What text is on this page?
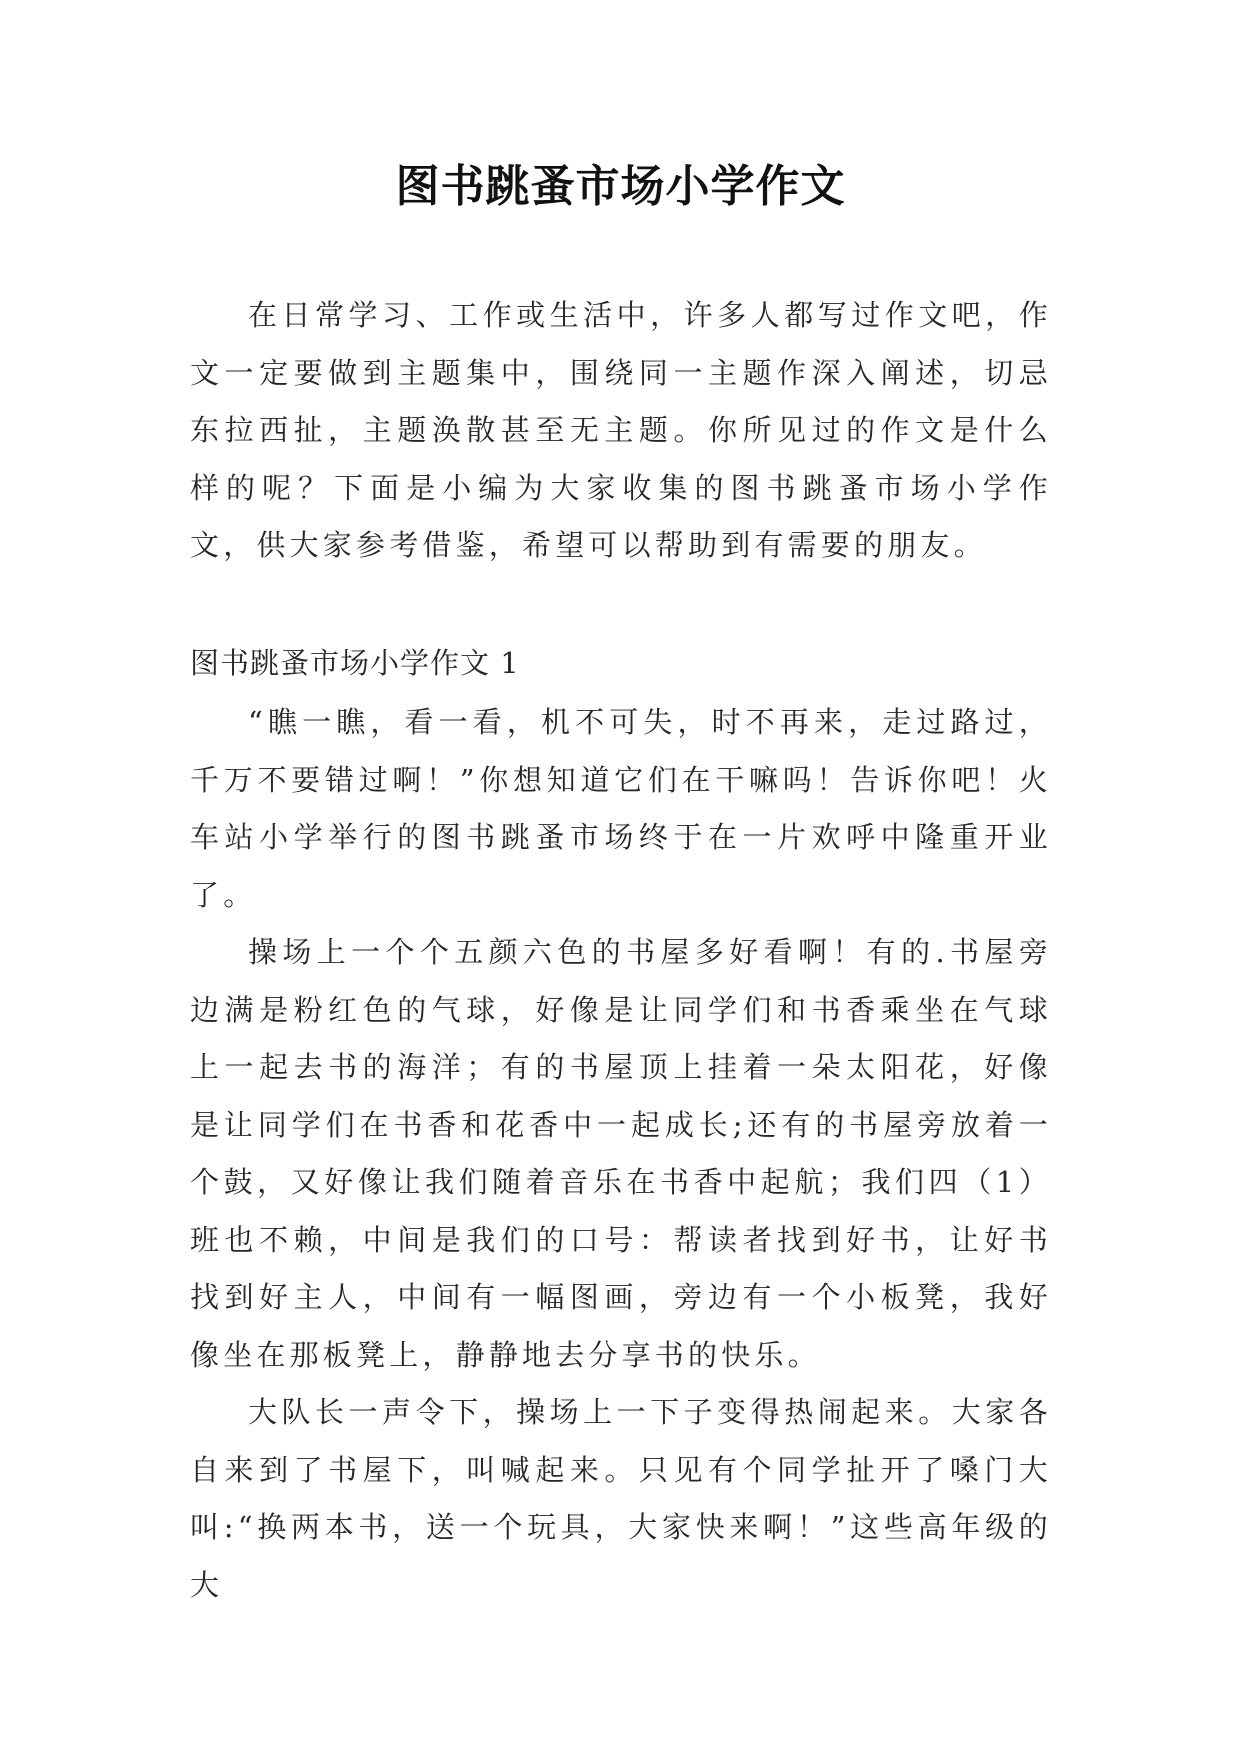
图书跳蚤市场小学作文

在日常学习、工作或生活中，许多人都写过作文吧，作文一定要做到主题集中，围绕同一主题作深入阐述，切忌东拉西扯，主题涣散甚至无主题。你所见过的作文是什么样的呢？下面是小编为大家收集的图书跳蚤市场小学作文，供大家参考借鉴，希望可以帮助到有需要的朋友。

图书跳蚤市场小学作文 1

“瞧一瞧，看一看，机不可失，时不再来，走过路过，千万不要错过啊！”你想知道它们在干嘛吗！告诉你吧！火车站小学举行的图书跳蚤市场终于在一片欢呼中隆重开业了。

操场上一个个五颜六色的书屋多好看啊！有的.书屋旁边满是粉红色的气球，好像是让同学们和书香乘坐在气球上一起去书的海洋；有的书屋顶上挂着一朵太阳花，好像是让同学们在书香和花香中一起成长;还有的书屋旁放着一个鼓，又好像让我们随着音乐在书香中起航；我们四（1）班也不赖，中间是我们的口号：帮读者找到好书，让好书找到好主人，中间有一幅图画，旁边有一个小板凳，我好像坐在那板凳上，静静地去分享书的快乐。

大队长一声令下，操场上一下子变得热闹起来。大家各自来到了书屋下，叫喊起来。只见有个同学扯开了嗓门大叫:“换两本书，送一个玩具，大家快来啊！”这些高年级的大
